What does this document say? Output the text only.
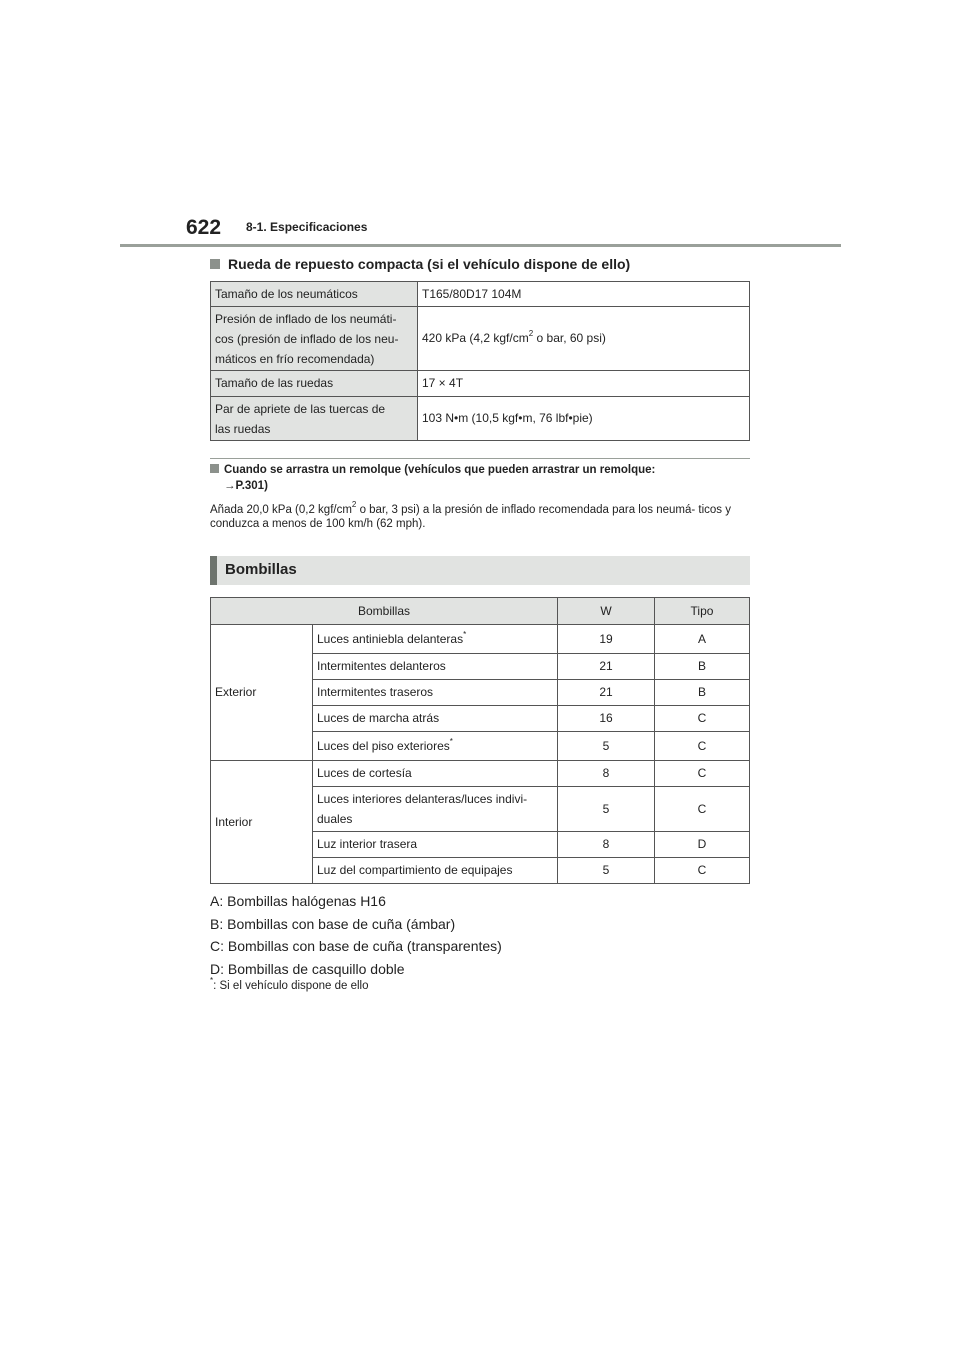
622 8-1. Especificaciones
Rueda de repuesto compacta (si el vehículo dispone de ello)
Tamaño de los neumáticos	T165/80D17 104M

Presión de inflado de los neumáti-
cos (presión de inflado de los neu-
máticos en frío recomendada)	420 kPa (4,2 kgf/$cm^2$ o bar, 60 psi)
Tamaño de las ruedas	17 × 4T

Par de apriete de las tuercas de
las ruedas	103 N•m (10,5 kgf•m, 76 lbf•pie)
Cuando se arrastra un remolque (vehículos que pueden arrastrar un remolque:
→P.301)
Añada 20,0 kPa (0,2 kgf/$cm^2$ o bar, 3 psi) a la presión de inflado recomendada para los neumá- ticos y conduzca a menos de 100 km/h (62 mph).
Bombillas
Bombillas		W	Tipo
Exterior	Luces antiniebla delanteras*	19	A
	Intermitentes delanteros	21	B
	Intermitentes traseros	21	B
	Luces de marcha atrás	16	C
	Luces del piso exteriores*	5	C
Interior	Luces de cortesía	8	C

	Luces interiores delanteras/luces indivi-
duales	5	C
	Luz interior trasera	8	D
	Luz del compartimiento de equipajes	5	C
A: Bombillas halógenas H16
B: Bombillas con base de cuña (ámbar)
C: Bombillas con base de cuña (transparentes)
D: Bombillas de casquillo doble
*: Si el vehículo dispone de ello
